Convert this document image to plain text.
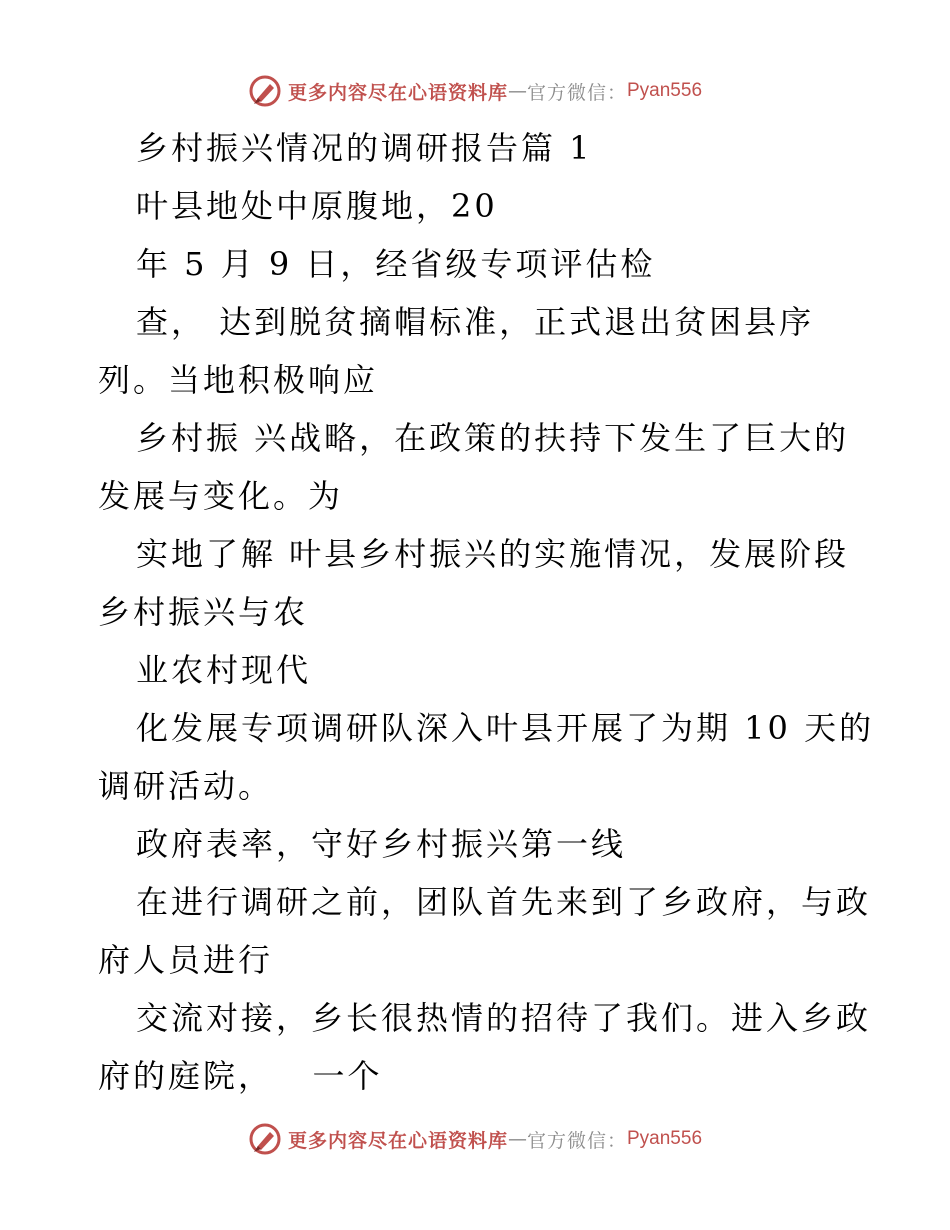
更多内容尽在心语资料库 — 官方微信： Pyan556
乡村振兴情况的调研报告篇 1
叶县地处中原腹地，20
年 5 月 9 日，经省级专项评估检
查， 达到脱贫摘帽标准，正式退出贫困县序
列。当地积极响应
乡村振 兴战略，在政策的扶持下发生了巨大的
发展与变化。为
实地了解 叶县乡村振兴的实施情况，发展阶段
乡村振兴与农
业农村现代
化发展专项调研队深入叶县开展了为期 10 天的
调研活动。
政府表率，守好乡村振兴第一线
在进行调研之前，团队首先来到了乡政府，与政
府人员进行
交流对接，乡长很热情的招待了我们。进入乡政
府的庭院，   一个
更多内容尽在心语资料库 — 官方微信： Pyan556
